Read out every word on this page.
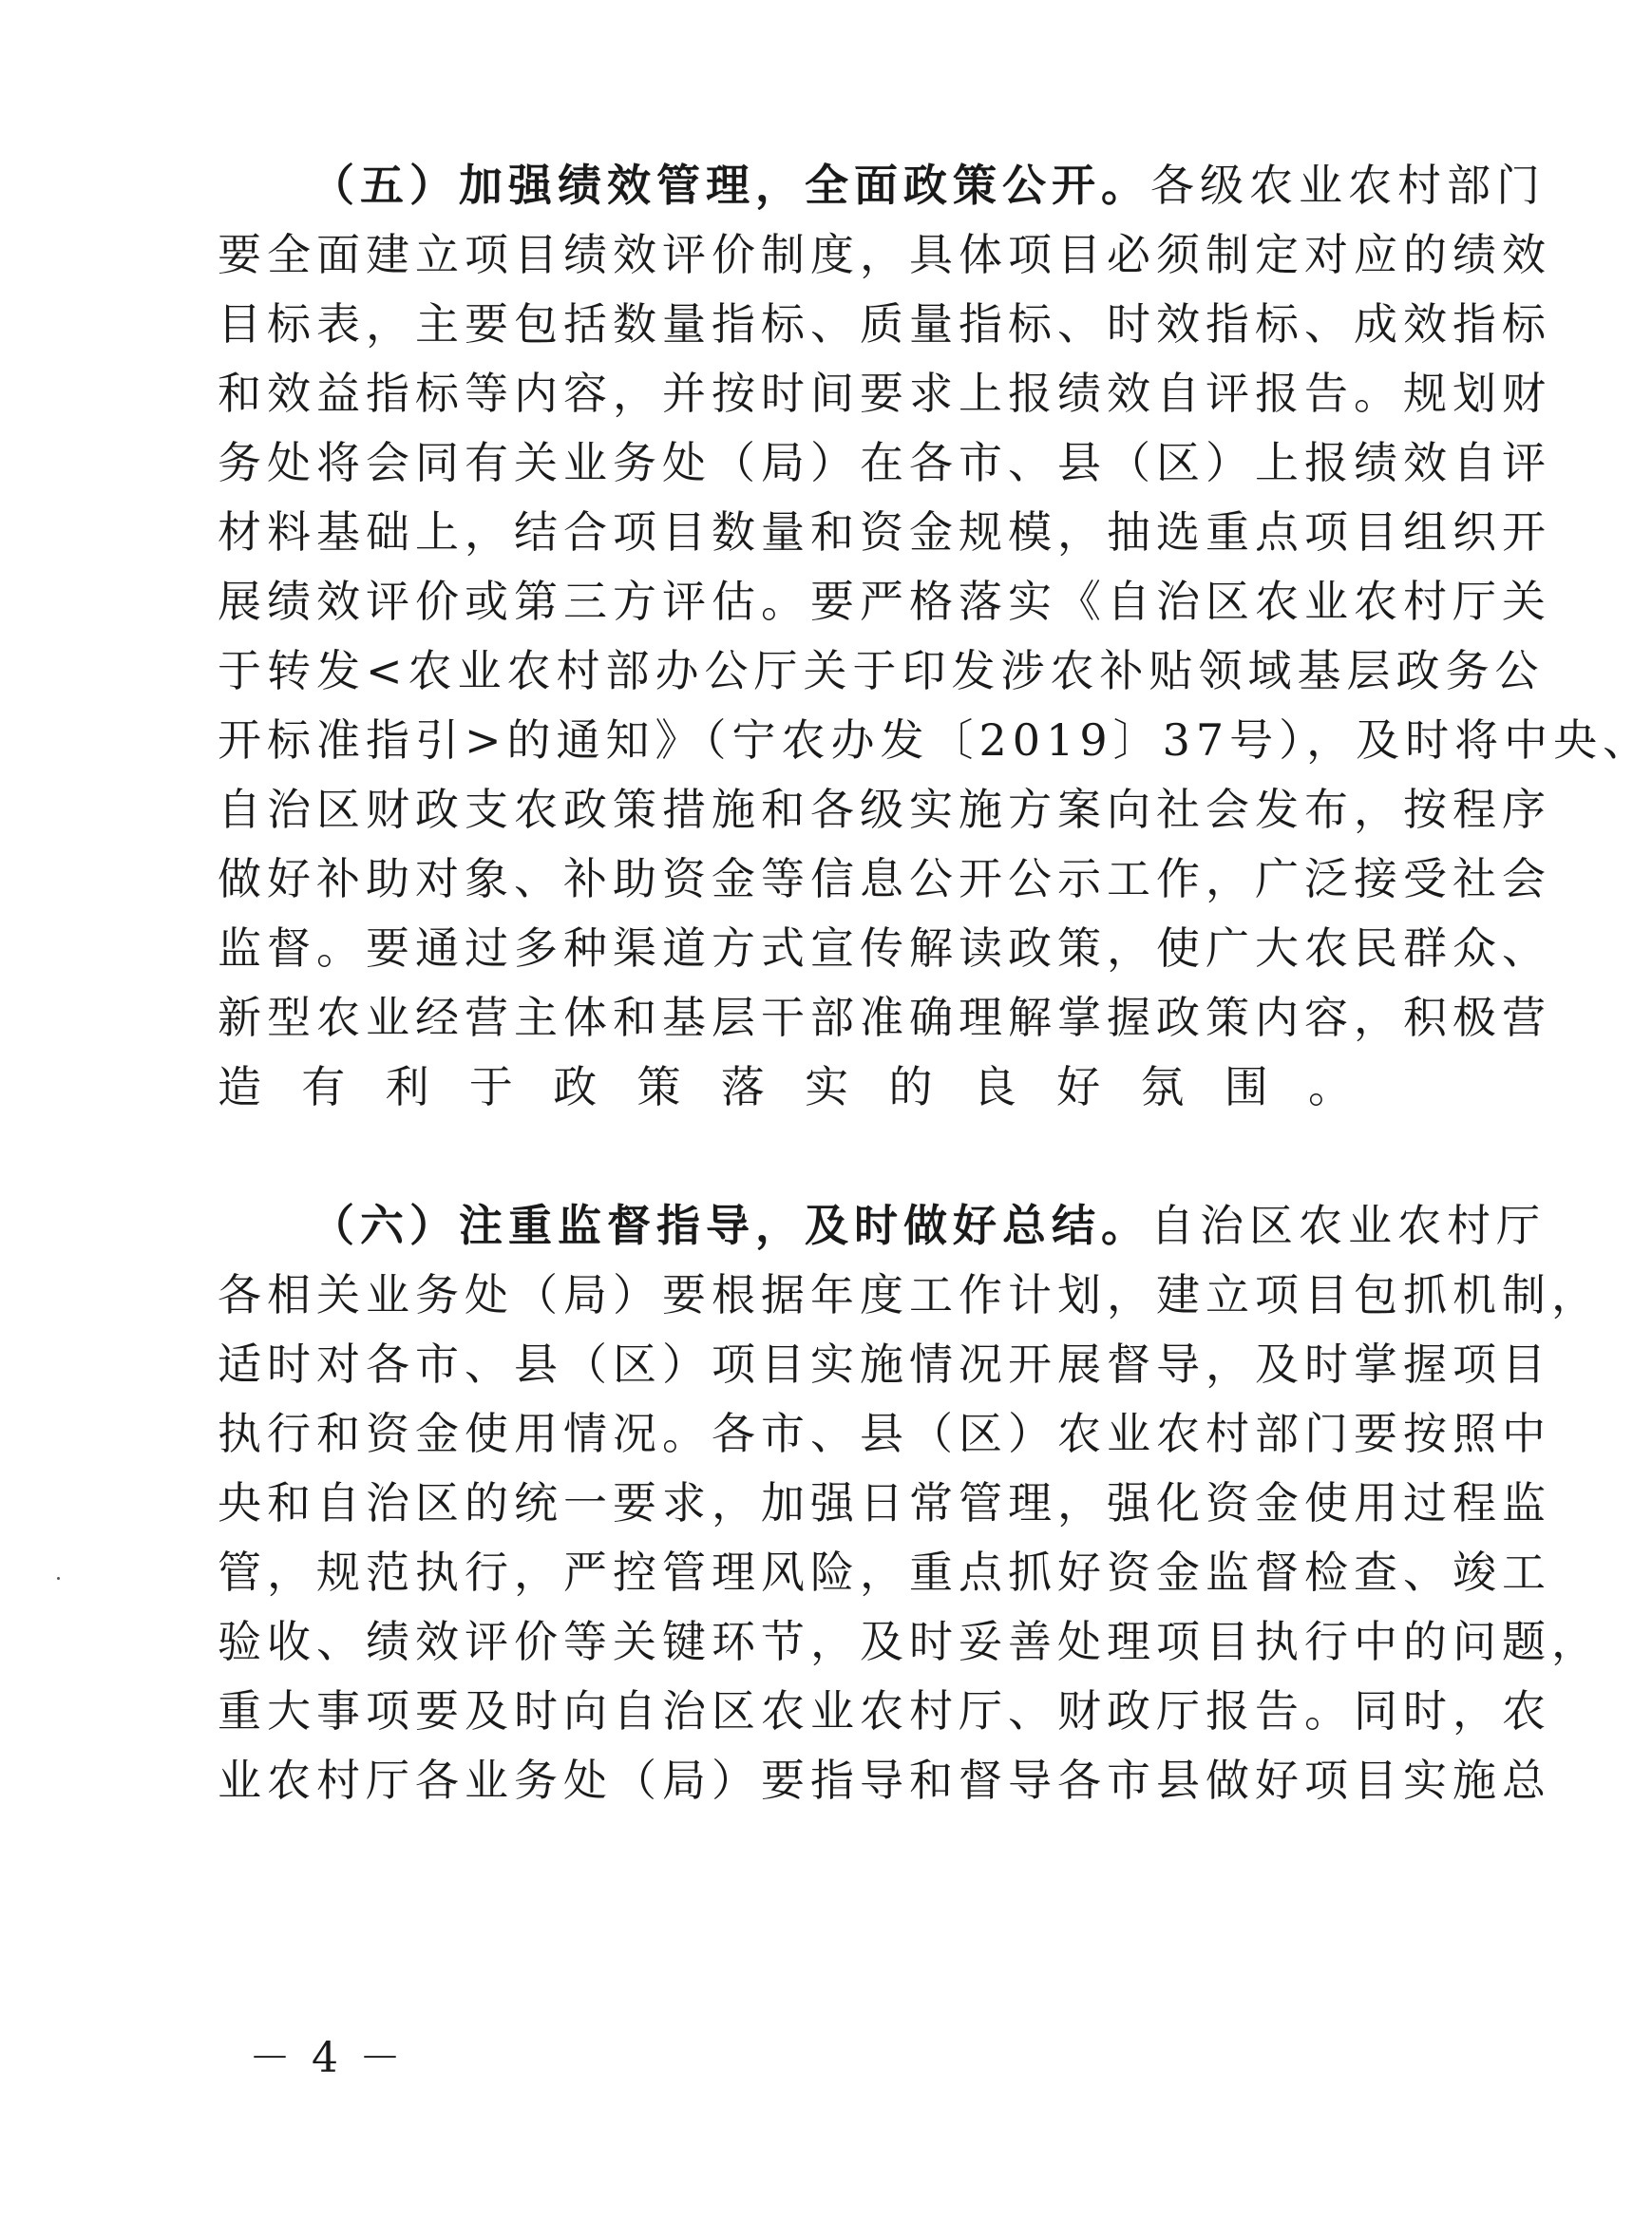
（五）加强绩效管理，全面政策公开。各级农业农村部门
要全面建立项目绩效评价制度，具体项目必须制定对应的绩效
目标表，主要包括数量指标、质量指标、时效指标、成效指标
和效益指标等内容，并按时间要求上报绩效自评报告。规划财
务处将会同有关业务处（局）在各市、县（区）上报绩效自评
材料基础上，结合项目数量和资金规模，抽选重点项目组织开
展绩效评价或第三方评估。要严格落实《自治区农业农村厅关
于转发<农业农村部办公厅关于印发涉农补贴领域基层政务公
开标准指引>的通知》（宁农办发〔2019〕37号），及时将中央、
自治区财政支农政策措施和各级实施方案向社会发布，按程序
做好补助对象、补助资金等信息公开公示工作，广泛接受社会
监督。要通过多种渠道方式宣传解读政策，使广大农民群众、
新型农业经营主体和基层干部准确理解掌握政策内容，积极营
造有利于政策落实的良好氛围。
（六）注重监督指导，及时做好总结。自治区农业农村厅
各相关业务处（局）要根据年度工作计划，建立项目包抓机制，
适时对各市、县（区）项目实施情况开展督导，及时掌握项目
执行和资金使用情况。各市、县（区）农业农村部门要按照中
央和自治区的统一要求，加强日常管理，强化资金使用过程监
管，规范执行，严控管理风险，重点抓好资金监督检查、竣工
验收、绩效评价等关键环节，及时妥善处理项目执行中的问题，
重大事项要及时向自治区农业农村厅、财政厅报告。同时，农
业农村厅各业务处（局）要指导和督导各市县做好项目实施总
－ 4 －
